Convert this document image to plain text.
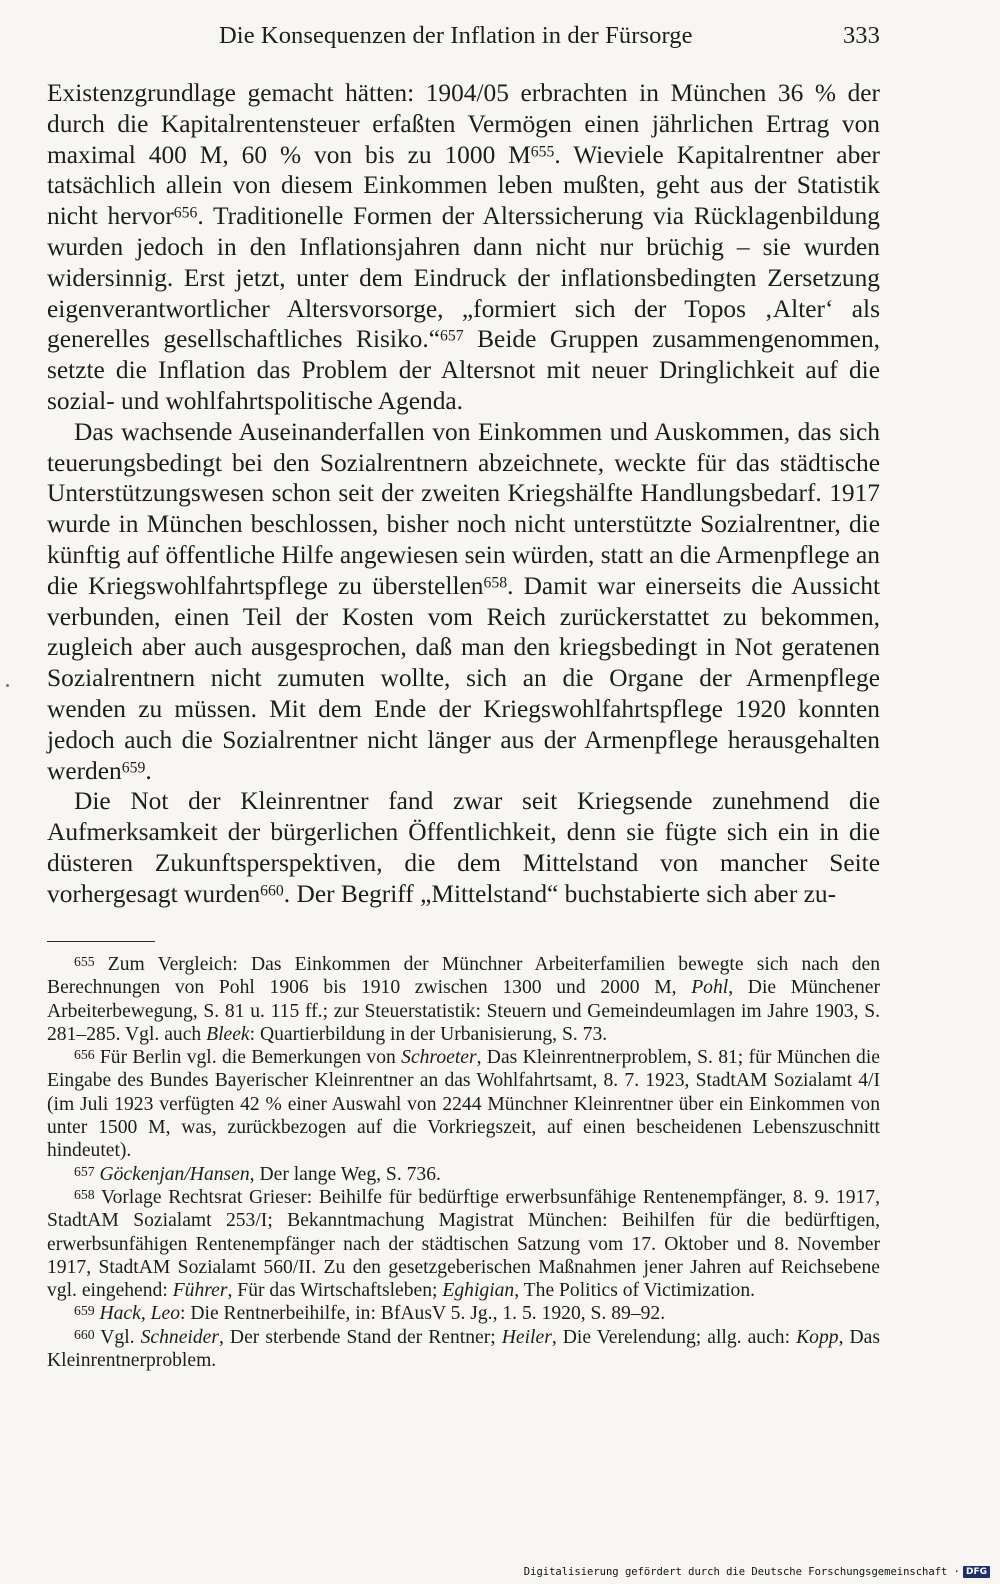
Die Konsequenzen der Inflation in der Fürsorge	333

Existenzgrundlage gemacht hätten: 1904/05 erbrachten in München 36 % der durch die Kapitalrentensteuer erfaßten Vermögen einen jährlichen Ertrag von maximal 400 M, 60 % von bis zu 1000 $M^{655}$. Wieviele Kapitalrentner aber tatsächlich allein von diesem Einkommen leben mußten, geht aus der Statistik nicht hervor$^{656}$. Traditionelle Formen der Alterssicherung via Rücklagenbildung wurden jedoch in den Inflationsjahren dann nicht nur brüchig – sie wurden widersinnig. Erst jetzt, unter dem Eindruck der inflationsbedingten Zersetzung eigenverantwortlicher Altersvorsorge, „formiert sich der Topos ‚Alter‘ als generelles gesellschaftliches Risiko.“$^{657}$ Beide Gruppen zusammengenommen, setzte die Inflation das Problem der Altersnot mit neuer Dringlichkeit auf die sozial- und wohlfahrtspolitische Agenda.

Das wachsende Auseinanderfallen von Einkommen und Auskommen, das sich teuerungsbedingt bei den Sozialrentnern abzeichnete, weckte für das städtische Unterstützungswesen schon seit der zweiten Kriegshälfte Handlungsbedarf. 1917 wurde in München beschlossen, bisher noch nicht unterstützte Sozialrentner, die künftig auf öffentliche Hilfe angewiesen sein würden, statt an die Armenpflege an die Kriegswohlfahrtspflege zu überstellen$^{658}$. Damit war einerseits die Aussicht verbunden, einen Teil der Kosten vom Reich zurückerstattet zu bekommen, zugleich aber auch ausgesprochen, daß man den kriegsbedingt in Not geratenen Sozialrentnern nicht zumuten wollte, sich an die Organe der Armenpflege wenden zu müssen. Mit dem Ende der Kriegswohlfahrtspflege 1920 konnten jedoch auch die Sozialrentner nicht länger aus der Armenpflege herausgehalten werden$^{659}$.

Die Not der Kleinrentner fand zwar seit Kriegsende zunehmend die Aufmerksamkeit der bürgerlichen Öffentlichkeit, denn sie fügte sich ein in die düsteren Zukunftsperspektiven, die dem Mittelstand von mancher Seite vorhergesagt wurden$^{660}$. Der Begriff „Mittelstand“ buchstabierte sich aber zu-

$^{655}$ Zum Vergleich: Das Einkommen der Münchner Arbeiterfamilien bewegte sich nach den Berechnungen von Pohl 1906 bis 1910 zwischen 1300 und 2000 M, Pohl, Die Münchener Arbeiterbewegung, S. 81 u. 115 ff.; zur Steuerstatistik: Steuern und Gemeindeumlagen im Jahre 1903, S. 281–285. Vgl. auch Bleek: Quartierbildung in der Urbanisierung, S. 73.

$^{656}$ Für Berlin vgl. die Bemerkungen von Schroeter, Das Kleinrentnerproblem, S. 81; für München die Eingabe des Bundes Bayerischer Kleinrentner an das Wohlfahrtsamt, 8. 7. 1923, StadtAM Sozialamt 4/I (im Juli 1923 verfügten 42 % einer Auswahl von 2244 Münchner Kleinrentner über ein Einkommen von unter 1500 M, was, zurückbezogen auf die Vorkriegszeit, auf einen bescheidenen Lebenszuschnitt hindeutet).

$^{657}$ Göckenjan/Hansen, Der lange Weg, S. 736.

$^{658}$ Vorlage Rechtsrat Grieser: Beihilfe für bedürftige erwerbsunfähige Rentenempfänger, 8. 9. 1917, StadtAM Sozialamt 253/I; Bekanntmachung Magistrat München: Beihilfen für die bedürftigen, erwerbsunfähigen Rentenempfänger nach der städtischen Satzung vom 17. Oktober und 8. November 1917, StadtAM Sozialamt 560/II. Zu den gesetzgeberischen Maßnahmen jener Jahren auf Reichsebene vgl. eingehend: Führer, Für das Wirtschaftsleben; Eghigian, The Politics of Victimization.

$^{659}$ Hack, Leo: Die Rentnerbeihilfe, in: BfAusV 5. Jg., 1. 5. 1920, S. 89–92.

$^{660}$ Vgl. Schneider, Der sterbende Stand der Rentner; Heiler, Die Verelendung; allg. auch: Kopp, Das Kleinrentnerproblem.

Digitalisierung gefördert durch die Deutsche Forschungsgemeinschaft · DFG
